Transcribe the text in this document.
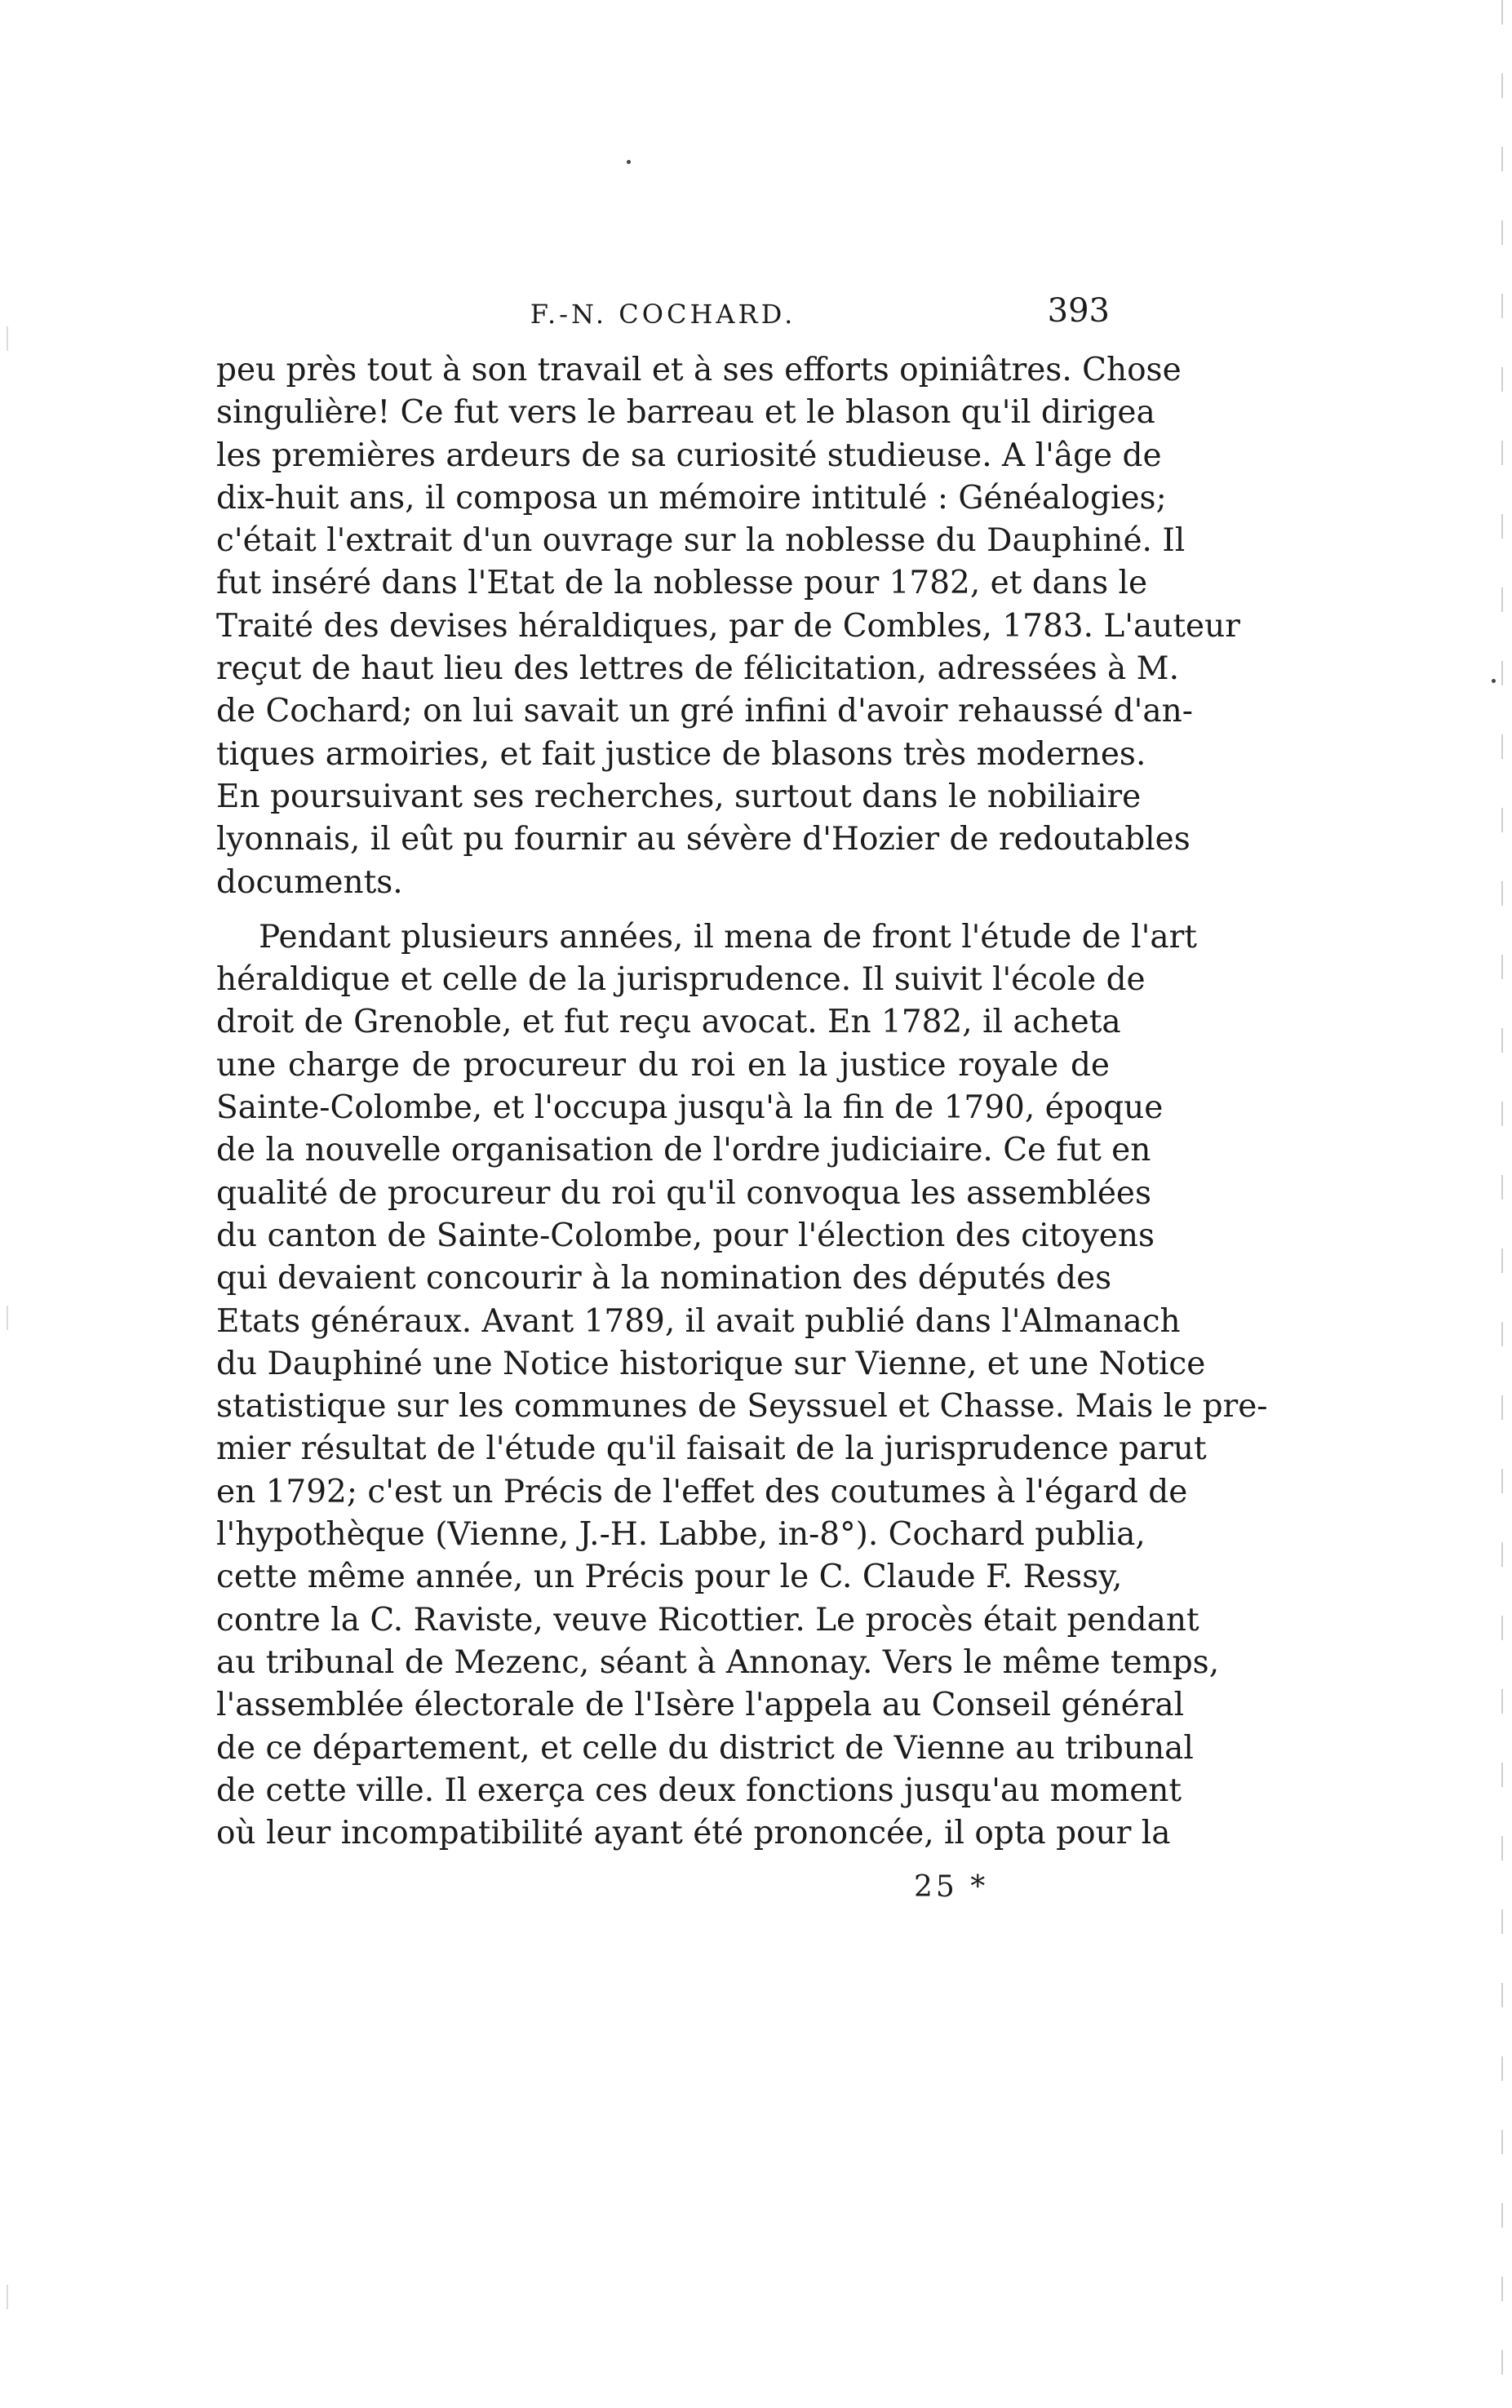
F.-N. COCHARD.	393
peu près tout à son travail et à ses efforts opiniâtres. Chose
singulière! Ce fut vers le barreau et le blason qu'il dirigea
les premières ardeurs de sa curiosité studieuse. A l'âge de
dix-huit ans, il composa un mémoire intitulé : Généalogies;
c'était l'extrait d'un ouvrage sur la noblesse du Dauphiné. Il
fut inséré dans l'Etat de la noblesse pour 1782, et dans le
Traité des devises héraldiques, par de Combles, 1783. L'auteur
reçut de haut lieu des lettres de félicitation, adressées à M.
de Cochard; on lui savait un gré infini d'avoir rehaussé d'an-
tiques armoiries, et fait justice de blasons très modernes.
En poursuivant ses recherches, surtout dans le nobiliaire
lyonnais, il eût pu fournir au sévère d'Hozier de redoutables
documents.
Pendant plusieurs années, il mena de front l'étude de l'art
héraldique et celle de la jurisprudence. Il suivit l'école de
droit de Grenoble, et fut reçu avocat. En 1782, il acheta
une charge de procureur du roi en la justice royale de
Sainte-Colombe, et l'occupa jusqu'à la fin de 1790, époque
de la nouvelle organisation de l'ordre judiciaire. Ce fut en
qualité de procureur du roi qu'il convoqua les assemblées
du canton de Sainte-Colombe, pour l'élection des citoyens
qui devaient concourir à la nomination des députés des
Etats généraux. Avant 1789, il avait publié dans l'Almanach
du Dauphiné une Notice historique sur Vienne, et une Notice
statistique sur les communes de Seyssuel et Chasse. Mais le pre-
mier résultat de l'étude qu'il faisait de la jurisprudence parut
en 1792; c'est un Précis de l'effet des coutumes à l'égard de
l'hypothèque (Vienne, J.-H. Labbe, in-8°). Cochard publia,
cette même année, un Précis pour le C. Claude F. Ressy,
contre la C. Raviste, veuve Ricottier. Le procès était pendant
au tribunal de Mezenc, séant à Annonay. Vers le même temps,
l'assemblée électorale de l'Isère l'appela au Conseil général
de ce département, et celle du district de Vienne au tribunal
de cette ville. Il exerça ces deux fonctions jusqu'au moment
où leur incompatibilité ayant été prononcée, il opta pour la
25 *
